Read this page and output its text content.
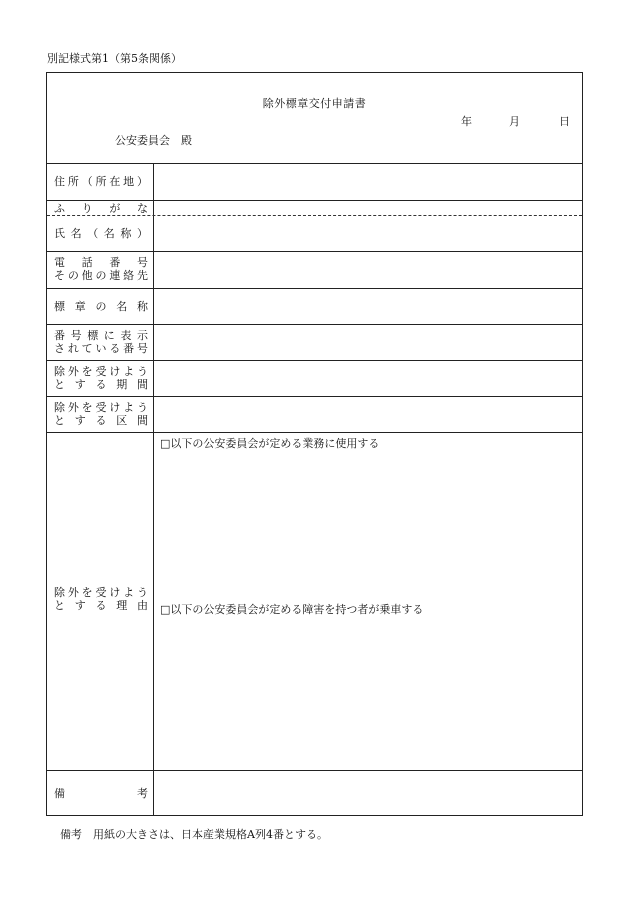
別記様式第1（第5条関係）
除外標章交付申請書
年	月	日
公安委員会　殿
住所（所在地）
ふりがな
氏名（名称）
電話番号
その他の連絡先
標章の名称
番号標に表示
されている番号
除外を受けよう
とする期間
除外を受けよう
とする区間
除外を受けよう
とする理由
□以下の公安委員会が定める業務に使用する
□以下の公安委員会が定める障害を持つ者が乗車する
備考
備考　用紙の大きさは、日本産業規格A列4番とする。
